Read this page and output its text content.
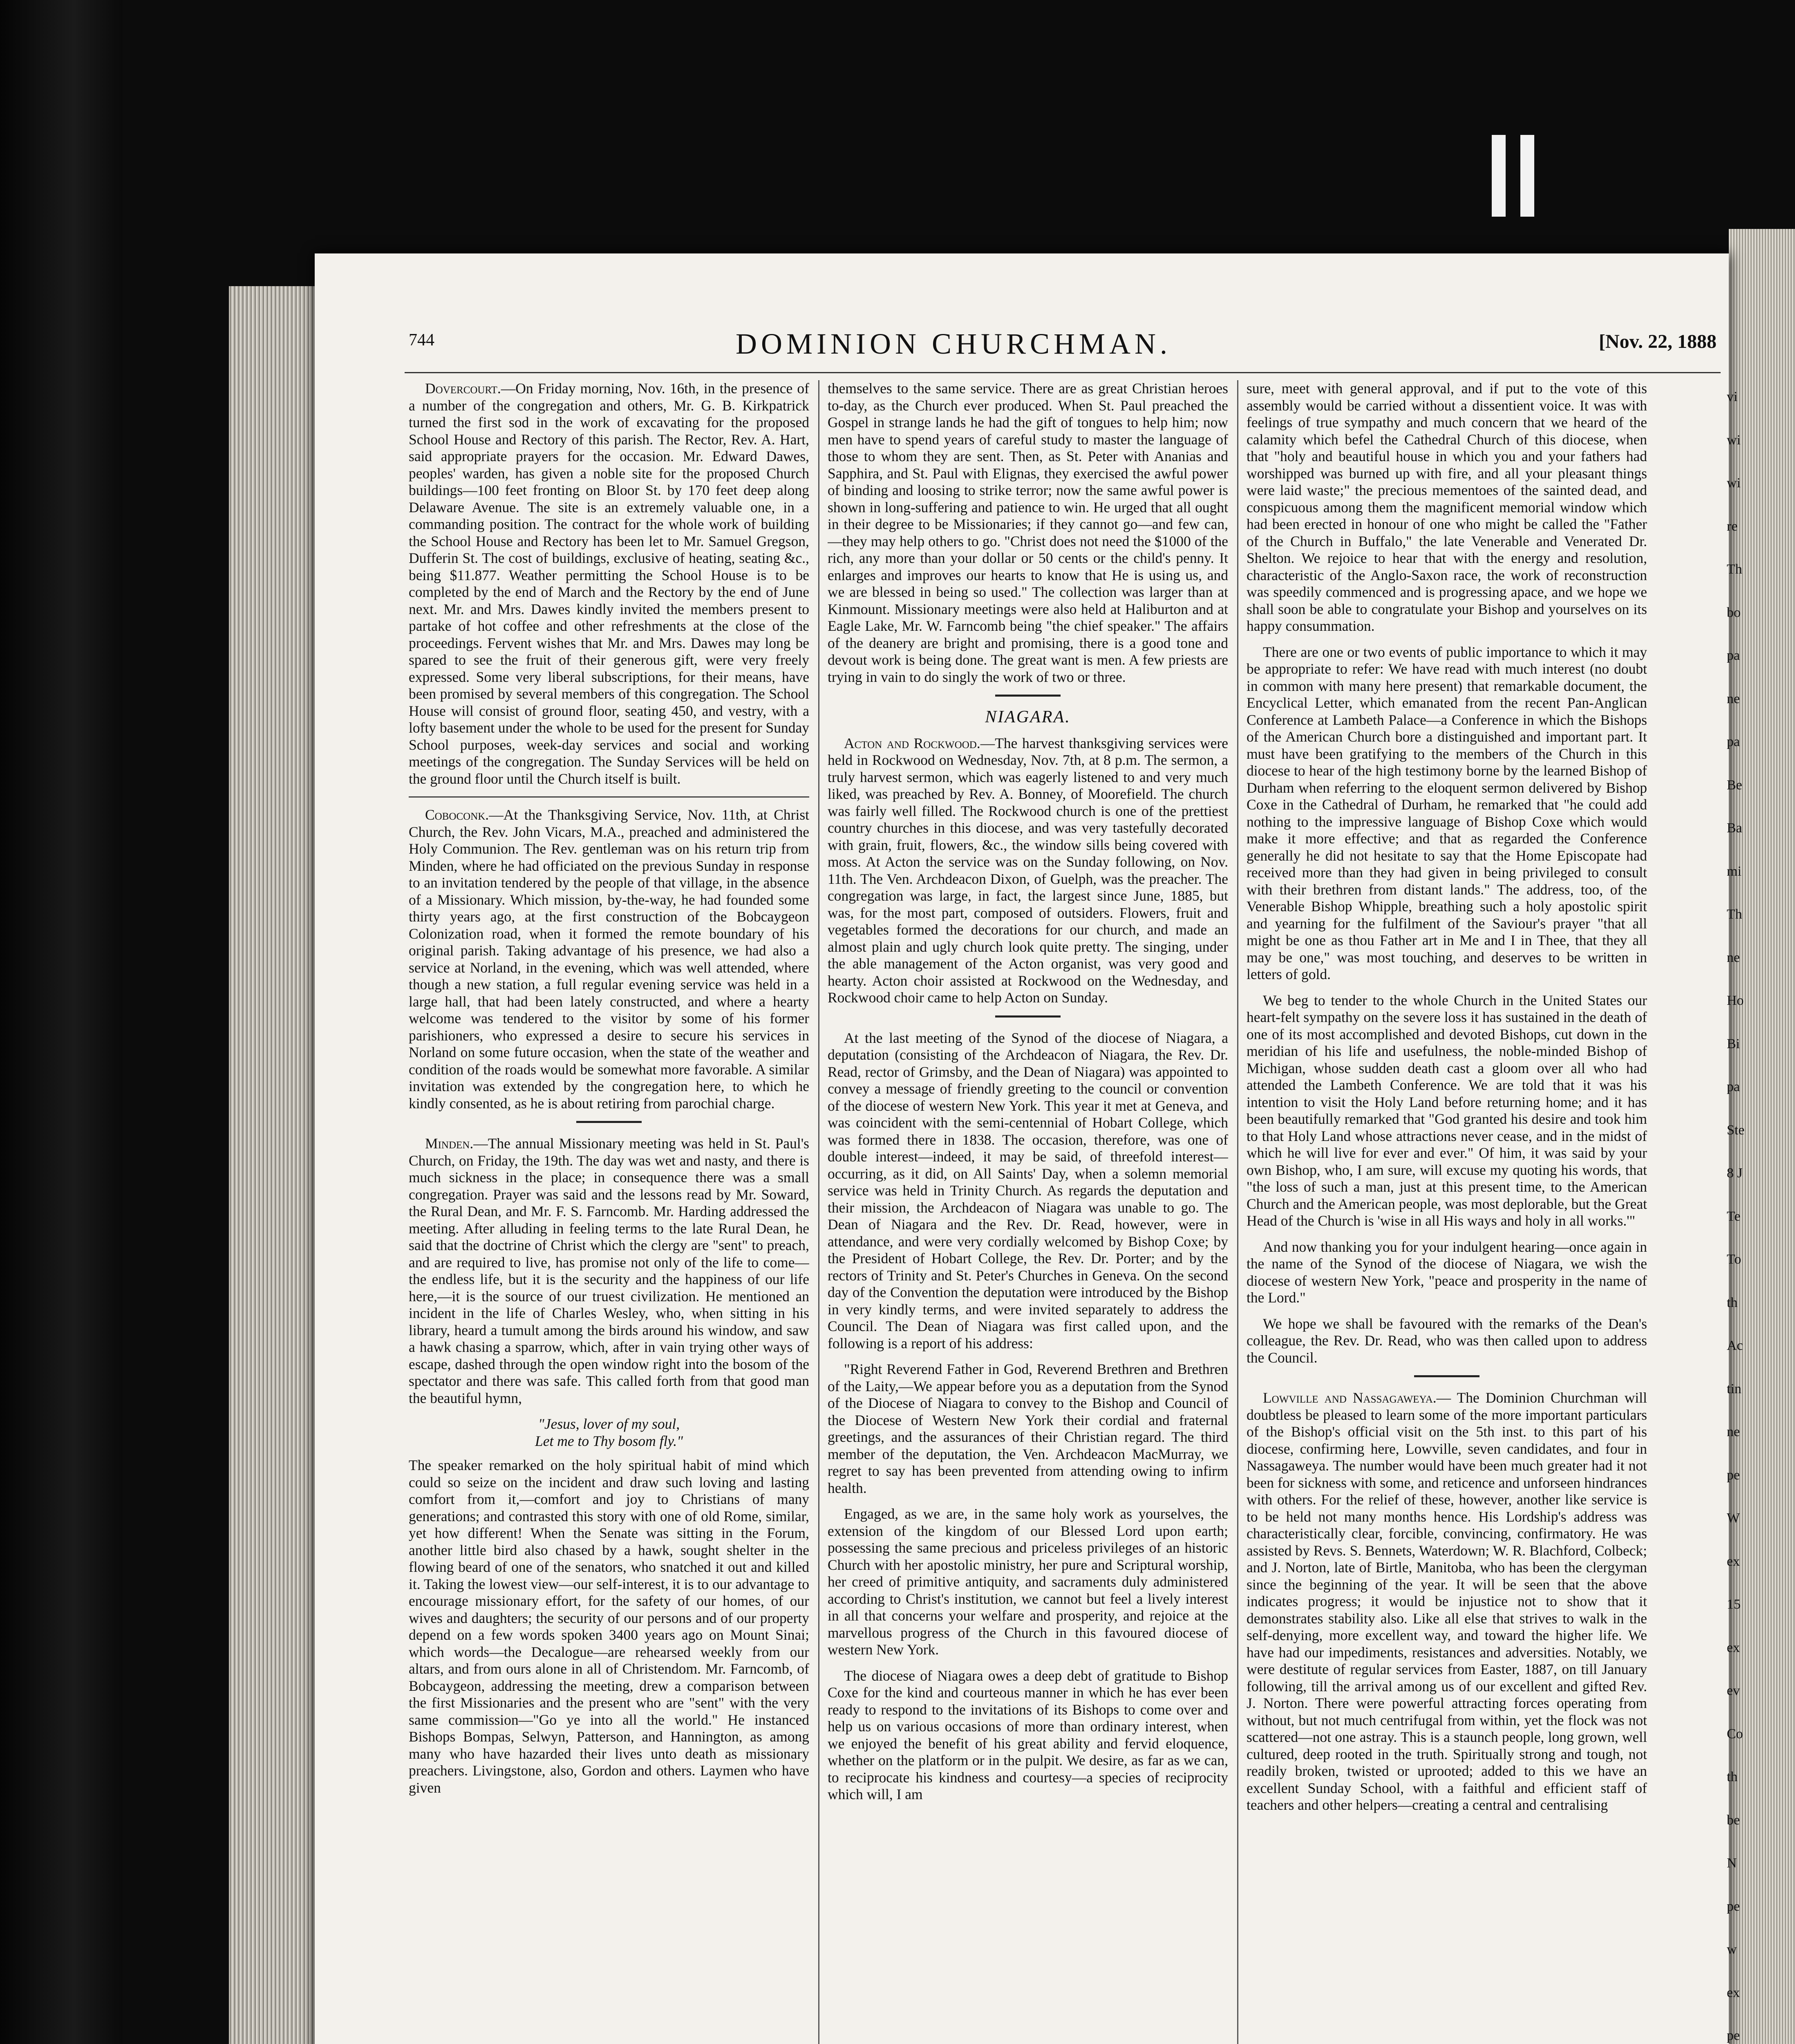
744	DOMINION CHURCHMAN.	[Nov. 22, 1888

Dovercourt.—On Friday morning, Nov. 16th, in the presence of a number of the congregation and others, Mr. G. B. Kirkpatrick turned the first sod in the work of excavating for the proposed School House and Rectory of this parish. The Rector, Rev. A. Hart, said appropriate prayers for the occasion. Mr. Edward Dawes, peoples' warden, has given a noble site for the proposed Church buildings—100 feet fronting on Bloor St. by 170 feet deep along Delaware Avenue. The site is an extremely valuable one, in a commanding position. The contract for the whole work of building the School House and Rectory has been let to Mr. Samuel Gregson, Dufferin St. The cost of buildings, exclusive of heating, seating &c., being $11.877. Weather permitting the School House is to be completed by the end of March and the Rectory by the end of June next. Mr. and Mrs. Dawes kindly invited the members present to partake of hot coffee and other refreshments at the close of the proceedings. Fervent wishes that Mr. and Mrs. Dawes may long be spared to see the fruit of their generous gift, were very freely expressed. Some very liberal subscriptions, for their means, have been promised by several members of this congregation. The School House will consist of ground floor, seating 450, and vestry, with a lofty basement under the whole to be used for the present for Sunday School purposes, week-day services and social and working meetings of the congregation. The Sunday Services will be held on the ground floor until the Church itself is built.

Coboconk.—At the Thanksgiving Service, Nov. 11th, at Christ Church, the Rev. John Vicars, M.A., preached and administered the Holy Communion. The Rev. gentleman was on his return trip from Minden, where he had officiated on the previous Sunday in response to an invitation tendered by the people of that village, in the absence of a Missionary. Which mission, by-the-way, he had founded some thirty years ago, at the first construction of the Bobcaygeon Colonization road, when it formed the remote boundary of his original parish. Taking advantage of his presence, we had also a service at Norland, in the evening, which was well attended, where though a new station, a full regular evening service was held in a large hall, that had been lately constructed, and where a hearty welcome was tendered to the visitor by some of his former parishioners, who expressed a desire to secure his services in Norland on some future occasion, when the state of the weather and condition of the roads would be somewhat more favorable. A similar invitation was extended by the congregation here, to which he kindly consented, as he is about retiring from parochial charge.

Minden.—The annual Missionary meeting was held in St. Paul's Church, on Friday, the 19th. The day was wet and nasty, and there is much sickness in the place; in consequence there was a small congregation. Prayer was said and the lessons read by Mr. Soward, the Rural Dean, and Mr. F. S. Farncomb. Mr. Harding addressed the meeting. After alluding in feeling terms to the late Rural Dean, he said that the doctrine of Christ which the clergy are "sent" to preach, and are required to live, has promise not only of the life to come—the endless life, but it is the security and the happiness of our life here,—it is the source of our truest civilization. He mentioned an incident in the life of Charles Wesley, who, when sitting in his library, heard a tumult among the birds around his window, and saw a hawk chasing a sparrow, which, after in vain trying other ways of escape, dashed through the open window right into the bosom of the spectator and there was safe. This called forth from that good man the beautiful hymn,

"Jesus, lover of my soul,
Let me to Thy bosom fly."

The speaker remarked on the holy spiritual habit of mind which could so seize on the incident and draw such loving and lasting comfort from it,—comfort and joy to Christians of many generations; and contrasted this story with one of old Rome, similar, yet how different! When the Senate was sitting in the Forum, another little bird also chased by a hawk, sought shelter in the flowing beard of one of the senators, who snatched it out and killed it. Taking the lowest view—our self-interest, it is to our advantage to encourage missionary effort, for the safety of our homes, of our wives and daughters; the security of our persons and of our property depend on a few words spoken 3400 years ago on Mount Sinai; which words—the Decalogue—are rehearsed weekly from our altars, and from ours alone in all of Christendom. Mr. Farncomb, of Bobcaygeon, addressing the meeting, drew a comparison between the first Missionaries and the present who are "sent" with the very same commission—"Go ye into all the world." He instanced Bishops Bompas, Selwyn, Patterson, and Hannington, as among many who have hazarded their lives unto death as missionary preachers. Livingstone, also, Gordon and others. Laymen who have given

themselves to the same service. There are as great Christian heroes to-day, as the Church ever produced. When St. Paul preached the Gospel in strange lands he had the gift of tongues to help him; now men have to spend years of careful study to master the language of those to whom they are sent. Then, as St. Peter with Ananias and Sapphira, and St. Paul with Elignas, they exercised the awful power of binding and loosing to strike terror; now the same awful power is shown in long-suffering and patience to win. He urged that all ought in their degree to be Missionaries; if they cannot go—and few can,—they may help others to go. "Christ does not need the $1000 of the rich, any more than your dollar or 50 cents or the child's penny. It enlarges and improves our hearts to know that He is using us, and we are blessed in being so used." The collection was larger than at Kinmount. Missionary meetings were also held at Haliburton and at Eagle Lake, Mr. W. Farncomb being "the chief speaker." The affairs of the deanery are bright and promising, there is a good tone and devout work is being done. The great want is men. A few priests are trying in vain to do singly the work of two or three.

NIAGARA.

Acton and Rockwood.—The harvest thanksgiving services were held in Rockwood on Wednesday, Nov. 7th, at 8 p.m. The sermon, a truly harvest sermon, which was eagerly listened to and very much liked, was preached by Rev. A. Bonney, of Moorefield. The church was fairly well filled. The Rockwood church is one of the prettiest country churches in this diocese, and was very tastefully decorated with grain, fruit, flowers, &c., the window sills being covered with moss. At Acton the service was on the Sunday following, on Nov. 11th. The Ven. Archdeacon Dixon, of Guelph, was the preacher. The congregation was large, in fact, the largest since June, 1885, but was, for the most part, composed of outsiders. Flowers, fruit and vegetables formed the decorations for our church, and made an almost plain and ugly church look quite pretty. The singing, under the able management of the Acton organist, was very good and hearty. Acton choir assisted at Rockwood on the Wednesday, and Rockwood choir came to help Acton on Sunday.

At the last meeting of the Synod of the diocese of Niagara, a deputation (consisting of the Archdeacon of Niagara, the Rev. Dr. Read, rector of Grimsby, and the Dean of Niagara) was appointed to convey a message of friendly greeting to the council or convention of the diocese of western New York. This year it met at Geneva, and was coincident with the semi-centennial of Hobart College, which was formed there in 1838. The occasion, therefore, was one of double interest—indeed, it may be said, of threefold interest—occurring, as it did, on All Saints' Day, when a solemn memorial service was held in Trinity Church. As regards the deputation and their mission, the Archdeacon of Niagara was unable to go. The Dean of Niagara and the Rev. Dr. Read, however, were in attendance, and were very cordially welcomed by Bishop Coxe; by the President of Hobart College, the Rev. Dr. Porter; and by the rectors of Trinity and St. Peter's Churches in Geneva. On the second day of the Convention the deputation were introduced by the Bishop in very kindly terms, and were invited separately to address the Council. The Dean of Niagara was first called upon, and the following is a report of his address:

"Right Reverend Father in God, Reverend Brethren and Brethren of the Laity,—We appear before you as a deputation from the Synod of the Diocese of Niagara to convey to the Bishop and Council of the Diocese of Western New York their cordial and fraternal greetings, and the assurances of their Christian regard. The third member of the deputation, the Ven. Archdeacon MacMurray, we regret to say has been prevented from attending owing to infirm health.

Engaged, as we are, in the same holy work as yourselves, the extension of the kingdom of our Blessed Lord upon earth; possessing the same precious and priceless privileges of an historic Church with her apostolic ministry, her pure and Scriptural worship, her creed of primitive antiquity, and sacraments duly administered according to Christ's institution, we cannot but feel a lively interest in all that concerns your welfare and prosperity, and rejoice at the marvellous progress of the Church in this favoured diocese of western New York.

The diocese of Niagara owes a deep debt of gratitude to Bishop Coxe for the kind and courteous manner in which he has ever been ready to respond to the invitations of its Bishops to come over and help us on various occasions of more than ordinary interest, when we enjoyed the benefit of his great ability and fervid eloquence, whether on the platform or in the pulpit. We desire, as far as we can, to reciprocate his kindness and courtesy—a species of reciprocity which will, I am

sure, meet with general approval, and if put to the vote of this assembly would be carried without a dissentient voice. It was with feelings of true sympathy and much concern that we heard of the calamity which befel the Cathedral Church of this diocese, when that "holy and beautiful house in which you and your fathers had worshipped was burned up with fire, and all your pleasant things were laid waste;" the precious mementoes of the sainted dead, and conspicuous among them the magnificent memorial window which had been erected in honour of one who might be called the "Father of the Church in Buffalo," the late Venerable and Venerated Dr. Shelton. We rejoice to hear that with the energy and resolution, characteristic of the Anglo-Saxon race, the work of reconstruction was speedily commenced and is progressing apace, and we hope we shall soon be able to congratulate your Bishop and yourselves on its happy consummation.

There are one or two events of public importance to which it may be appropriate to refer: We have read with much interest (no doubt in common with many here present) that remarkable document, the Encyclical Letter, which emanated from the recent Pan-Anglican Conference at Lambeth Palace—a Conference in which the Bishops of the American Church bore a distinguished and important part. It must have been gratifying to the members of the Church in this diocese to hear of the high testimony borne by the learned Bishop of Durham when referring to the eloquent sermon delivered by Bishop Coxe in the Cathedral of Durham, he remarked that "he could add nothing to the impressive language of Bishop Coxe which would make it more effective; and that as regarded the Conference generally he did not hesitate to say that the Home Episcopate had received more than they had given in being privileged to consult with their brethren from distant lands." The address, too, of the Venerable Bishop Whipple, breathing such a holy apostolic spirit and yearning for the fulfilment of the Saviour's prayer "that all might be one as thou Father art in Me and I in Thee, that they all may be one," was most touching, and deserves to be written in letters of gold.

We beg to tender to the whole Church in the United States our heart-felt sympathy on the severe loss it has sustained in the death of one of its most accomplished and devoted Bishops, cut down in the meridian of his life and usefulness, the noble-minded Bishop of Michigan, whose sudden death cast a gloom over all who had attended the Lambeth Conference. We are told that it was his intention to visit the Holy Land before returning home; and it has been beautifully remarked that "God granted his desire and took him to that Holy Land whose attractions never cease, and in the midst of which he will live for ever and ever." Of him, it was said by your own Bishop, who, I am sure, will excuse my quoting his words, that "the loss of such a man, just at this present time, to the American Church and the American people, was most deplorable, but the Great Head of the Church is 'wise in all His ways and holy in all works.'"

And now thanking you for your indulgent hearing—once again in the name of the Synod of the diocese of Niagara, we wish the diocese of western New York, "peace and prosperity in the name of the Lord."

We hope we shall be favoured with the remarks of the Dean's colleague, the Rev. Dr. Read, who was then called upon to address the Council.

Lowville and Nassagaweya.— The Dominion Churchman will doubtless be pleased to learn some of the more important particulars of the Bishop's official visit on the 5th inst. to this part of his diocese, confirming here, Lowville, seven candidates, and four in Nassagaweya. The number would have been much greater had it not been for sickness with some, and reticence and unforseen hindrances with others. For the relief of these, however, another like service is to be held not many months hence. His Lordship's address was characteristically clear, forcible, convincing, confirmatory. He was assisted by Revs. S. Bennets, Waterdown; W. R. Blachford, Colbeck; and J. Norton, late of Birtle, Manitoba, who has been the clergyman since the beginning of the year. It will be seen that the above indicates progress; it would be injustice not to show that it demonstrates stability also. Like all else that strives to walk in the self-denying, more excellent way, and toward the higher life. We have had our impediments, resistances and adversities. Notably, we were destitute of regular services from Easter, 1887, on till January following, till the arrival among us of our excellent and gifted Rev. J. Norton. There were powerful attracting forces operating from without, but not much centrifugal from within, yet the flock was not scattered—not one astray. This is a staunch people, long grown, well cultured, deep rooted in the truth. Spiritually strong and tough, not readily broken, twisted or uprooted; added to this we have an excellent Sunday School, with a faithful and efficient staff of teachers and other helpers—creating a central and centralising

vi
wi
wi
re
Th
bo
pa
ne
pa
Be
Ba
mi
Th
ne
Ho
Bi
pa
Ste
8 J
Te
To
th
Ac
tin
ne
pe
W
ex
15
ex
ev
Co
th
be
N
pe
w
ex
pe
